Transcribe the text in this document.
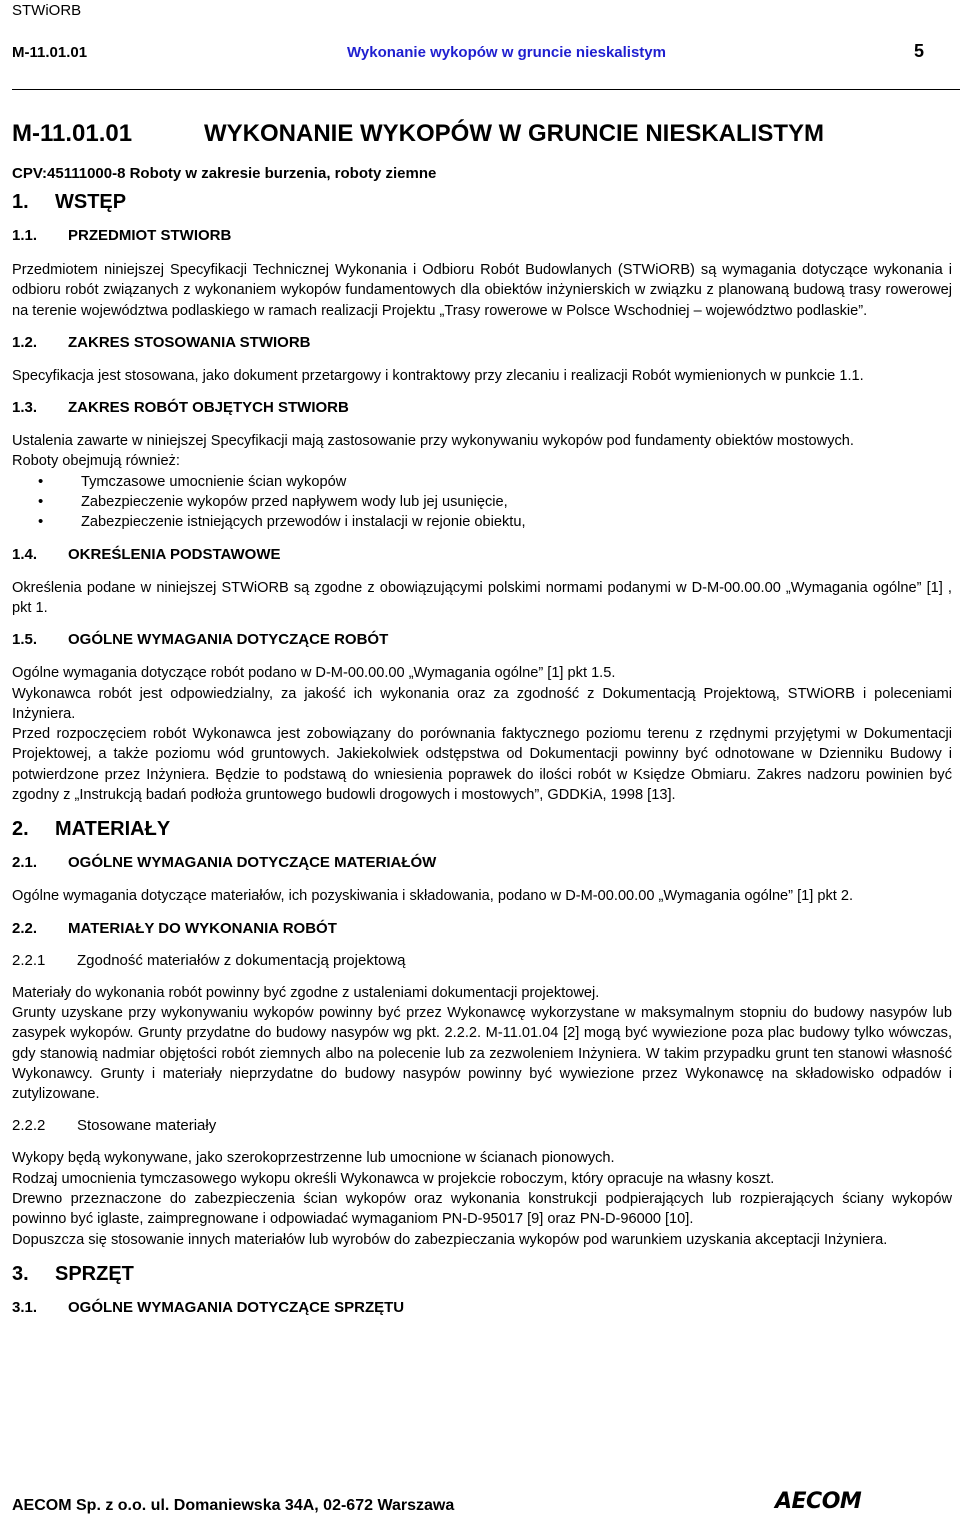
STWiORB
M-11.01.01	Wykonanie wykopów w gruncie nieskalistym	5
M-11.01.01	WYKONANIE WYKOPÓW W GRUNCIE NIESKALISTYM
CPV:45111000-8 Roboty w zakresie burzenia, roboty ziemne
1.	WSTĘP
1.1.	PRZEDMIOT STWIORB

Przedmiotem niniejszej Specyfikacji Technicznej Wykonania i Odbioru Robót Budowlanych (STWiORB) są wymagania dotyczące wykonania i odbioru robót związanych z wykonaniem wykopów fundamentowych dla obiektów inżynierskich w związku z planowaną budową trasy rowerowej na terenie województwa podlaskiego w ramach realizacji Projektu „Trasy rowerowe w Polsce Wschodniej – województwo podlaskie”.

1.2.	ZAKRES STOSOWANIA STWIORB

Specyfikacja jest stosowana, jako dokument przetargowy i kontraktowy przy zlecaniu i realizacji Robót wymienionych w punkcie 1.1.

1.3.	ZAKRES ROBÓT OBJĘTYCH STWIORB

Ustalenia zawarte w niniejszej Specyfikacji mają zastosowanie przy wykonywaniu wykopów pod fundamenty obiektów mostowych.

Roboty obejmują również:

• Tymczasowe umocnienie ścian wykopów
• Zabezpieczenie wykopów przed napływem wody lub jej usunięcie,
• Zabezpieczenie istniejących przewodów i instalacji w rejonie obiektu,
1.4.	OKREŚLENIA PODSTAWOWE

Określenia podane w niniejszej STWiORB są zgodne z obowiązującymi polskimi normami podanymi w D-M-00.00.00 „Wymagania ogólne” [1] , pkt 1.

1.5.	OGÓLNE WYMAGANIA DOTYCZĄCE ROBÓT

Ogólne wymagania dotyczące robót podano w D-M-00.00.00 „Wymagania ogólne” [1] pkt 1.5.

Wykonawca robót jest odpowiedzialny, za jakość ich wykonania oraz za zgodność z Dokumentacją Projektową, STWiORB i poleceniami Inżyniera.

Przed rozpoczęciem robót Wykonawca jest zobowiązany do porównania faktycznego poziomu terenu z rzędnymi przyjętymi w Dokumentacji Projektowej, a także poziomu wód gruntowych. Jakiekolwiek odstępstwa od Dokumentacji powinny być odnotowane w Dzienniku Budowy i potwierdzone przez Inżyniera. Będzie to podstawą do wniesienia poprawek do ilości robót w Księdze Obmiaru. Zakres nadzoru powinien być zgodny z „Instrukcją badań podłoża gruntowego budowli drogowych i mostowych”, GDDKiA, 1998 [13].

2.	MATERIAŁY
2.1.	OGÓLNE WYMAGANIA DOTYCZĄCE MATERIAŁÓW

Ogólne wymagania dotyczące materiałów, ich pozyskiwania i składowania, podano w D-M-00.00.00 „Wymagania ogólne” [1] pkt 2.

2.2.	MATERIAŁY DO WYKONANIA ROBÓT
2.2.1	Zgodność materiałów z dokumentacją projektową

Materiały do wykonania robót powinny być zgodne z ustaleniami dokumentacji projektowej.

Grunty uzyskane przy wykonywaniu wykopów powinny być przez Wykonawcę wykorzystane w maksymalnym stopniu do budowy nasypów lub zasypek wykopów. Grunty przydatne do budowy nasypów wg pkt. 2.2.2. M-11.01.04 [2] mogą być wywiezione poza plac budowy tylko wówczas, gdy stanowią nadmiar objętości robót ziemnych albo na polecenie lub za zezwoleniem Inżyniera. W takim przypadku grunt ten stanowi własność Wykonawcy. Grunty i materiały nieprzydatne do budowy nasypów powinny być wywiezione przez Wykonawcę na składowisko odpadów i zutylizowane.

2.2.2	Stosowane materiały

Wykopy będą wykonywane, jako szerokoprzestrzenne lub umocnione w ścianach pionowych.

Rodzaj umocnienia tymczasowego wykopu określi Wykonawca w projekcie roboczym, który opracuje na własny koszt.

Drewno przeznaczone do zabezpieczenia ścian wykopów oraz wykonania konstrukcji podpierających lub rozpierających ściany wykopów powinno być iglaste, zaimpregnowane i odpowiadać wymaganiom PN-D-95017 [9] oraz PN-D-96000 [10].

Dopuszcza się stosowanie innych materiałów lub wyrobów do zabezpieczania wykopów pod warunkiem uzyskania akceptacji Inżyniera.

3.	SPRZĘT
3.1.	OGÓLNE WYMAGANIA DOTYCZĄCE SPRZĘTU
AECOM Sp. z o.o. ul. Domaniewska 34A, 02-672 Warszawa	AECOM
